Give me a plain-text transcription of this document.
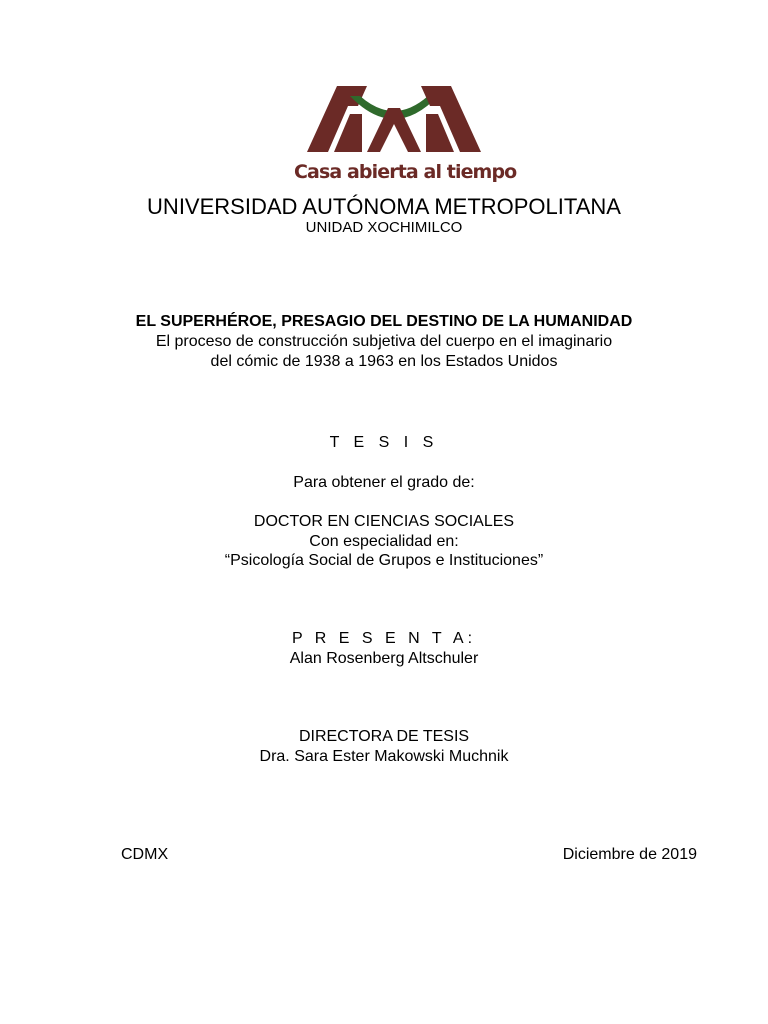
Casa abierta al tiempo
UNIVERSIDAD AUTÓNOMA METROPOLITANA
UNIDAD XOCHIMILCO
EL SUPERHÉROE, PRESAGIO DEL DESTINO DE LA HUMANIDAD
El proceso de construcción subjetiva del cuerpo en el imaginario
del cómic de 1938 a 1963 en los Estados Unidos
T E S I S
Para obtener el grado de:
DOCTOR EN CIENCIAS SOCIALES
Con especialidad en:
“Psicología Social de Grupos e Instituciones”
P R E S E N T A:
Alan Rosenberg Altschuler
DIRECTORA DE TESIS
Dra. Sara Ester Makowski Muchnik
CDMX	Diciembre de 2019
